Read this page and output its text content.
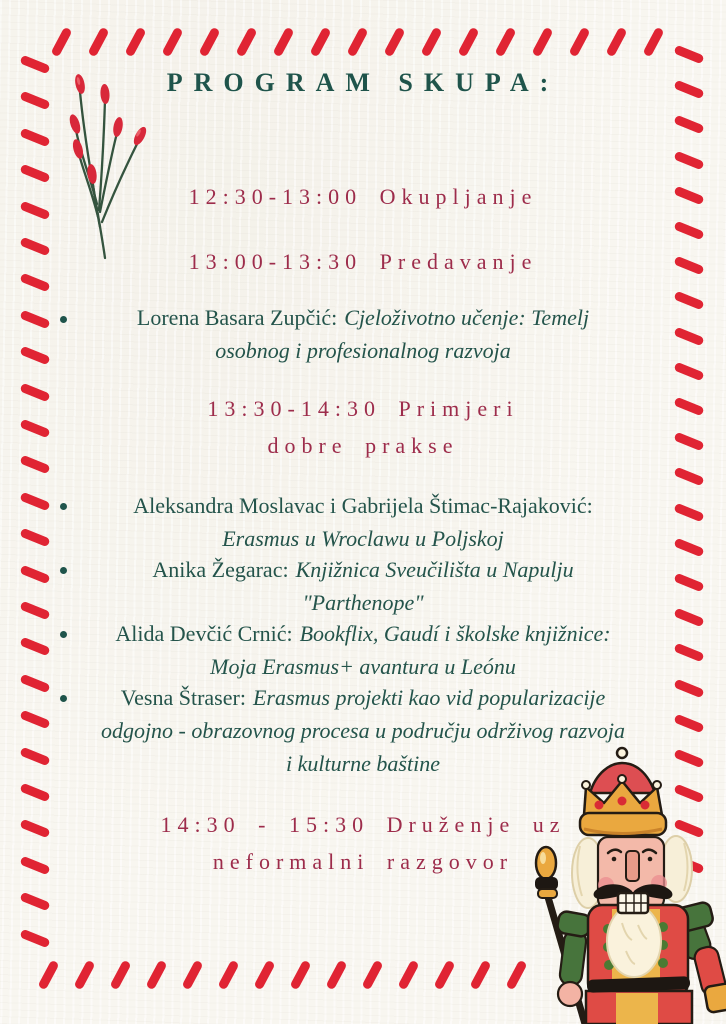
PROGRAM SKUPA:
12:30-13:00 Okupljanje
13:00-13:30 Predavanje
Lorena Basara Zupčić: Cjeloživotno učenje: Temelj
osobnog i profesionalnog razvoja
13:30-14:30 Primjeri
dobre prakse
Aleksandra Moslavac i Gabrijela Štimac-Rajaković:
Erasmus u Wroclawu u Poljskoj
Anika Žegarac: Knjižnica Sveučilišta u Napulju
"Parthenope"
Alida Devčić Crnić: Bookflix, Gaudí i školske knjižnice:
Moja Erasmus+ avantura u Leónu
Vesna Štraser: Erasmus projekti kao vid popularizacije
odgojno - obrazovnog procesa u području održivog razvoja
i kulturne baštine
14:30 - 15:30 Druženje uz
neformalni razgovor
